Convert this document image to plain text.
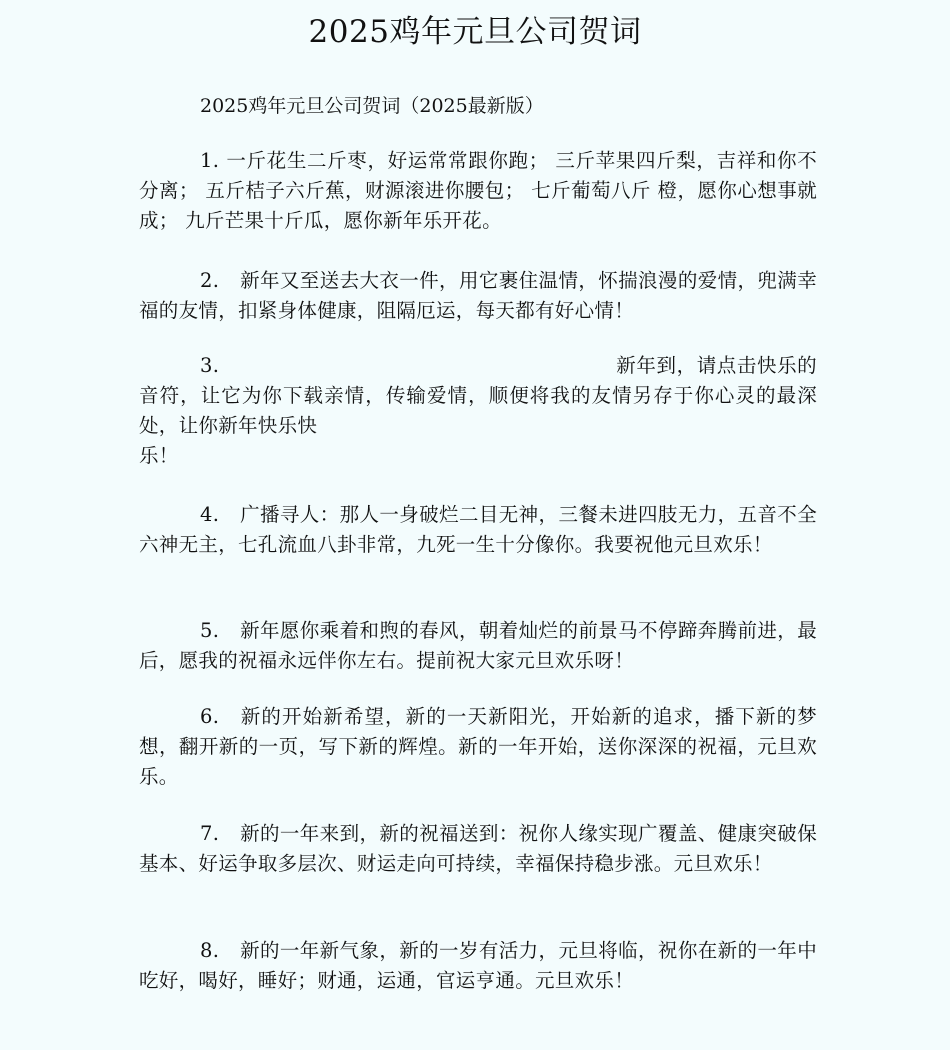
2025鸡年元旦公司贺词
2025鸡年元旦公司贺词（2025最新版）
1. 一斤花生二斤枣，好运常常跟你跑； 三斤苹果四斤梨，吉祥和你不分离； 五斤桔子六斤蕉，财源滚进你腰包； 七斤葡萄八斤 橙，愿你心想事就成； 九斤芒果十斤瓜，愿你新年乐开花。
2. 新年又至送去大衣一件，用它裹住温情，怀揣浪漫的爱情，兜满幸福的友情，扣紧身体健康，阻隔厄运，每天都有好心情！
3.	新年到，请点击快乐的音符，让它为你下载亲情，传输爱情，顺便将我的友情另存于你心灵的最深处，让你新年快乐快
乐！
4. 广播寻人：那人一身破烂二目无神，三餐未进四肢无力，五音不全六神无主，七孔流血八卦非常，九死一生十分像你。我要祝他元旦欢乐！
5. 新年愿你乘着和煦的春风，朝着灿烂的前景马不停蹄奔腾前进，最后，愿我的祝福永远伴你左右。提前祝大家元旦欢乐呀！
6. 新的开始新希望，新的一天新阳光，开始新的追求，播下新的梦想，翻开新的一页，写下新的辉煌。新的一年开始，送你深深的祝福，元旦欢乐。
7. 新的一年来到，新的祝福送到：祝你人缘实现广覆盖、健康突破保基本、好运争取多层次、财运走向可持续，幸福保持稳步涨。元旦欢乐！
8. 新的一年新气象，新的一岁有活力，元旦将临，祝你在新的一年中吃好，喝好，睡好；财通，运通，官运亨通。元旦欢乐！
